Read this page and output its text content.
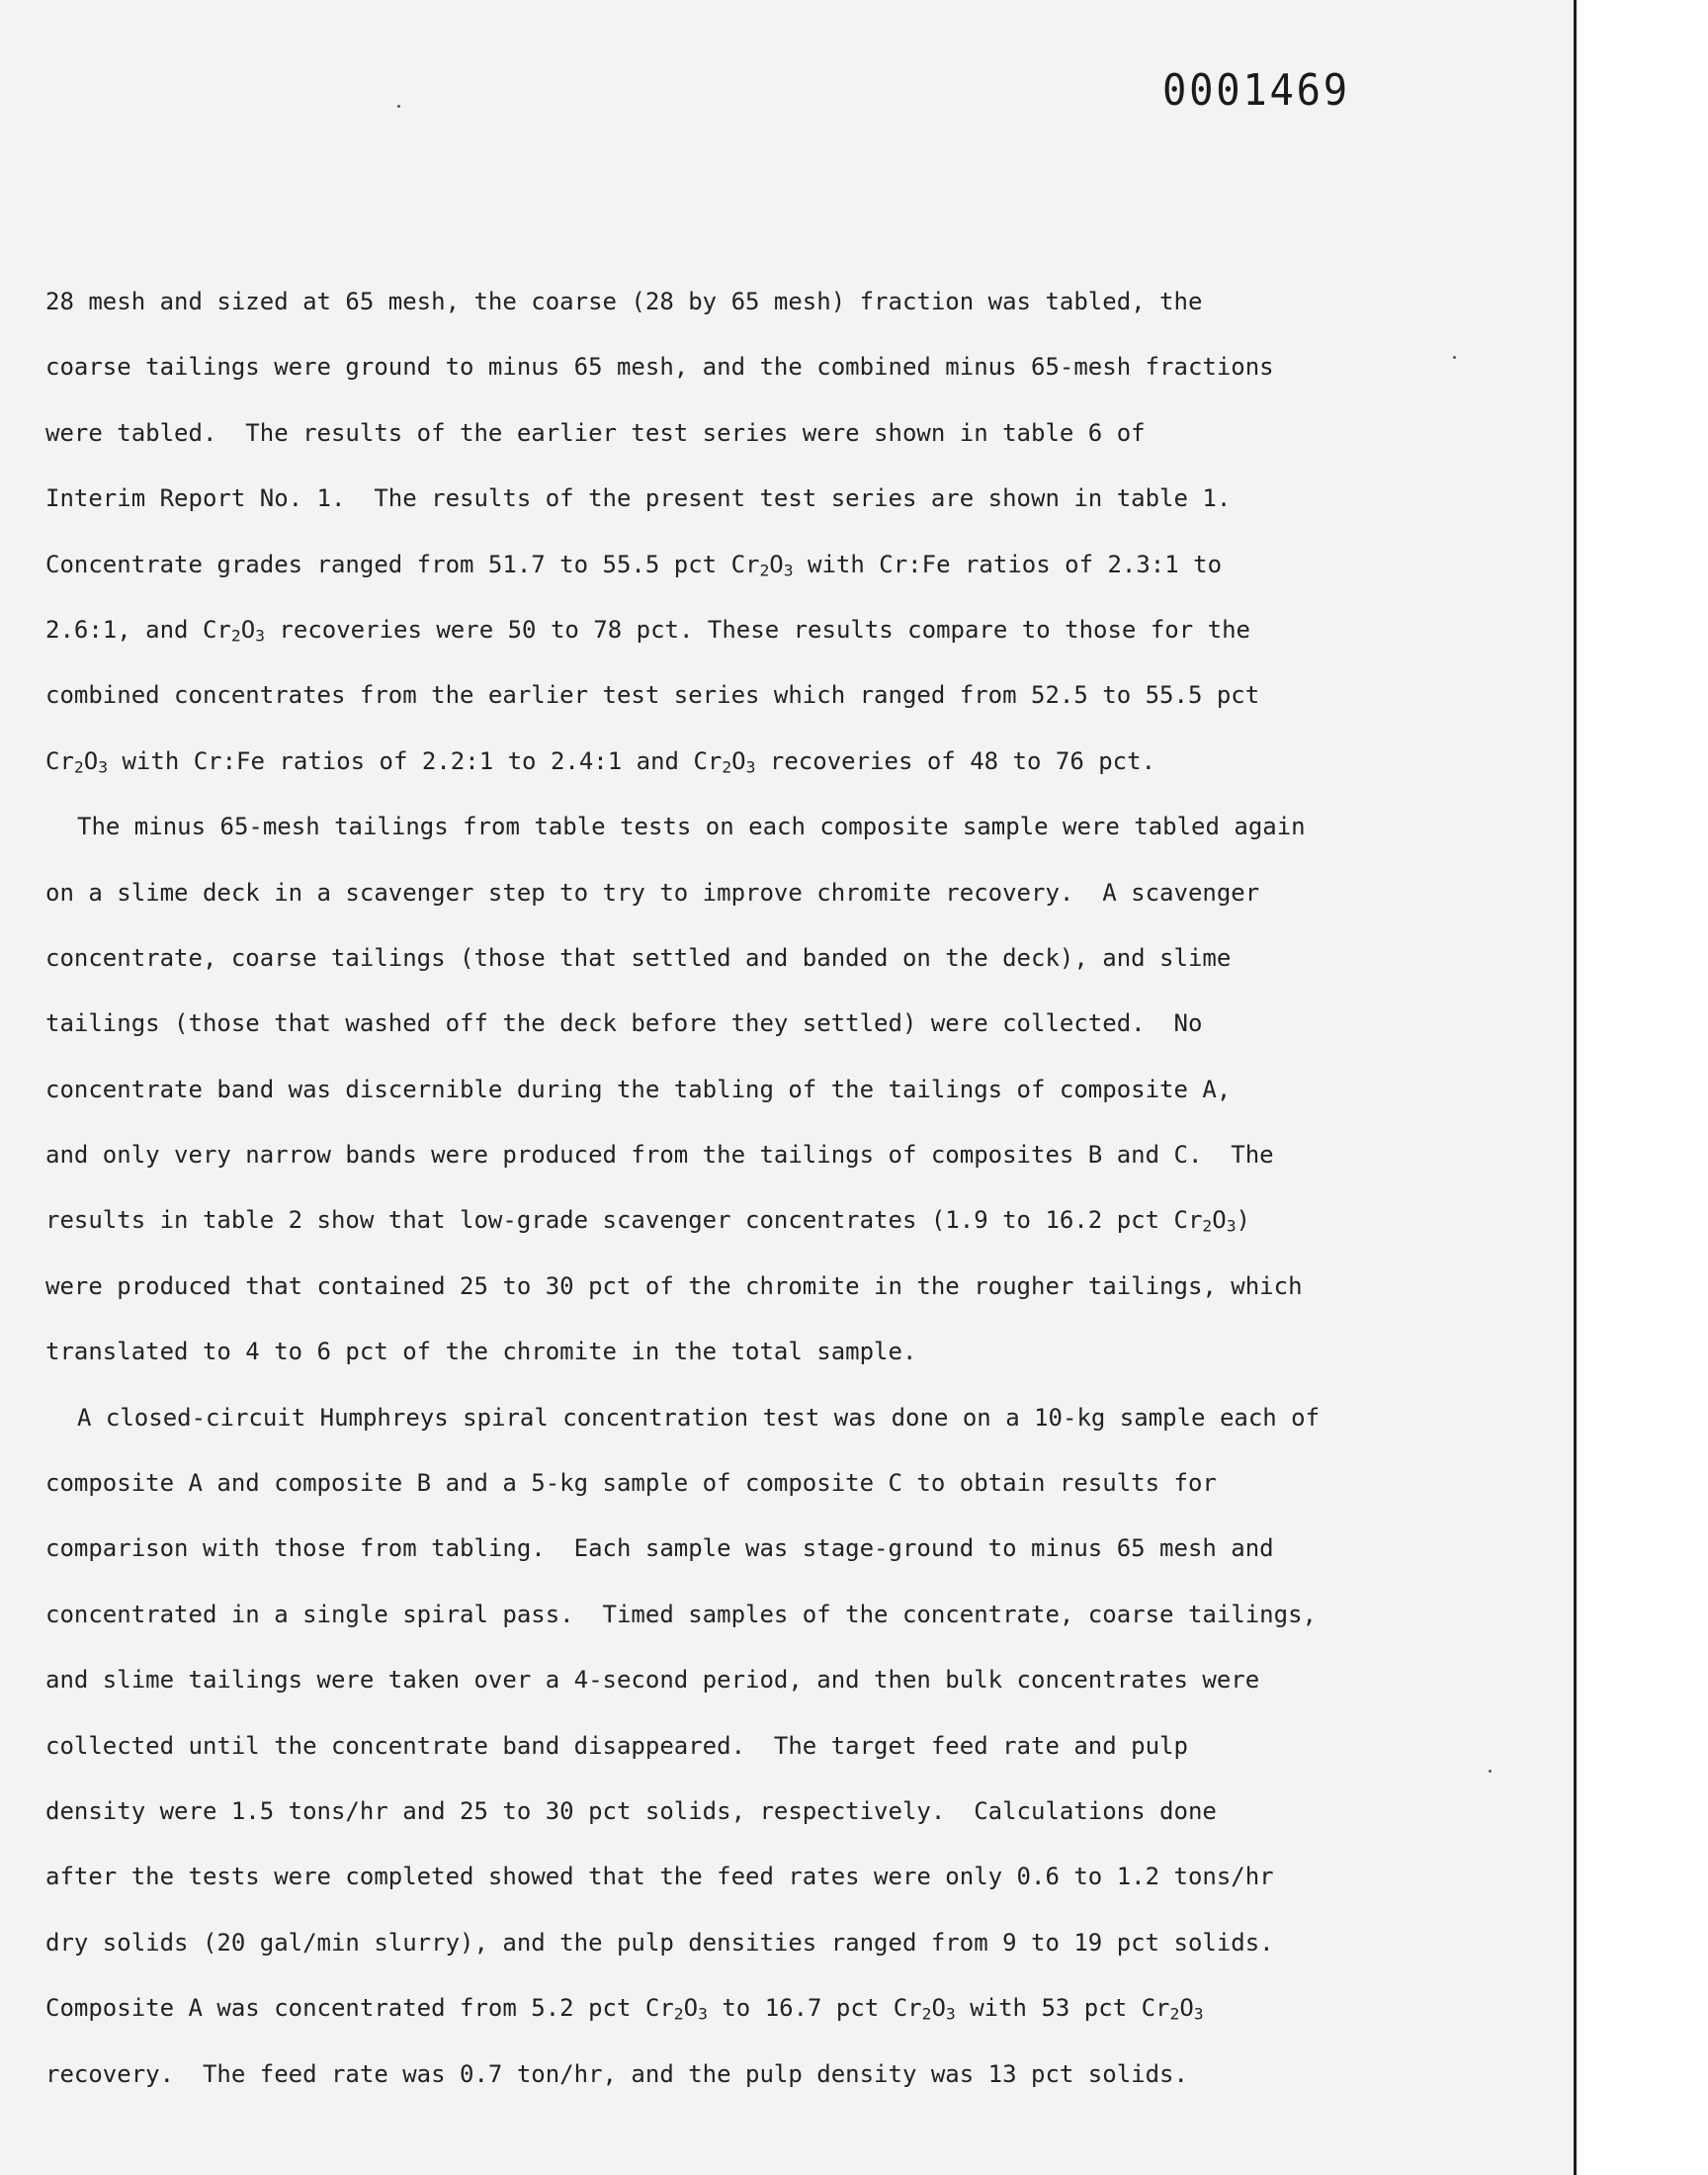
0001469
28 mesh and sized at 65 mesh, the coarse (28 by 65 mesh) fraction was tabled, the
coarse tailings were ground to minus 65 mesh, and the combined minus 65-mesh fractions
were tabled.  The results of the earlier test series were shown in table 6 of
Interim Report No. 1.  The results of the present test series are shown in table 1.
Concentrate grades ranged from 51.7 to 55.5 pct $Cr_2O_3$ with Cr:Fe ratios of 2.3:1 to
2.6:1, and $Cr_2O_3$ recoveries were 50 to 78 pct. These results compare to those for the
combined concentrates from the earlier test series which ranged from 52.5 to 55.5 pct
$Cr_2O_3$ with Cr:Fe ratios of 2.2:1 to 2.4:1 and $Cr_2O_3$ recoveries of 48 to 76 pct.
The minus 65-mesh tailings from table tests on each composite sample were tabled again
on a slime deck in a scavenger step to try to improve chromite recovery.  A scavenger
concentrate, coarse tailings (those that settled and banded on the deck), and slime
tailings (those that washed off the deck before they settled) were collected.  No
concentrate band was discernible during the tabling of the tailings of composite A,
and only very narrow bands were produced from the tailings of composites B and C.  The
results in table 2 show that low-grade scavenger concentrates (1.9 to 16.2 pct $Cr_2O_3$)
were produced that contained 25 to 30 pct of the chromite in the rougher tailings, which
translated to 4 to 6 pct of the chromite in the total sample.
A closed-circuit Humphreys spiral concentration test was done on a 10-kg sample each of
composite A and composite B and a 5-kg sample of composite C to obtain results for
comparison with those from tabling.  Each sample was stage-ground to minus 65 mesh and
concentrated in a single spiral pass.  Timed samples of the concentrate, coarse tailings,
and slime tailings were taken over a 4-second period, and then bulk concentrates were
collected until the concentrate band disappeared.  The target feed rate and pulp
density were 1.5 tons/hr and 25 to 30 pct solids, respectively.  Calculations done
after the tests were completed showed that the feed rates were only 0.6 to 1.2 tons/hr
dry solids (20 gal/min slurry), and the pulp densities ranged from 9 to 19 pct solids.
Composite A was concentrated from 5.2 pct $Cr_2O_3$ to 16.7 pct $Cr_2O_3$ with 53 pct $Cr_2O_3$
recovery.  The feed rate was 0.7 ton/hr, and the pulp density was 13 pct solids.
